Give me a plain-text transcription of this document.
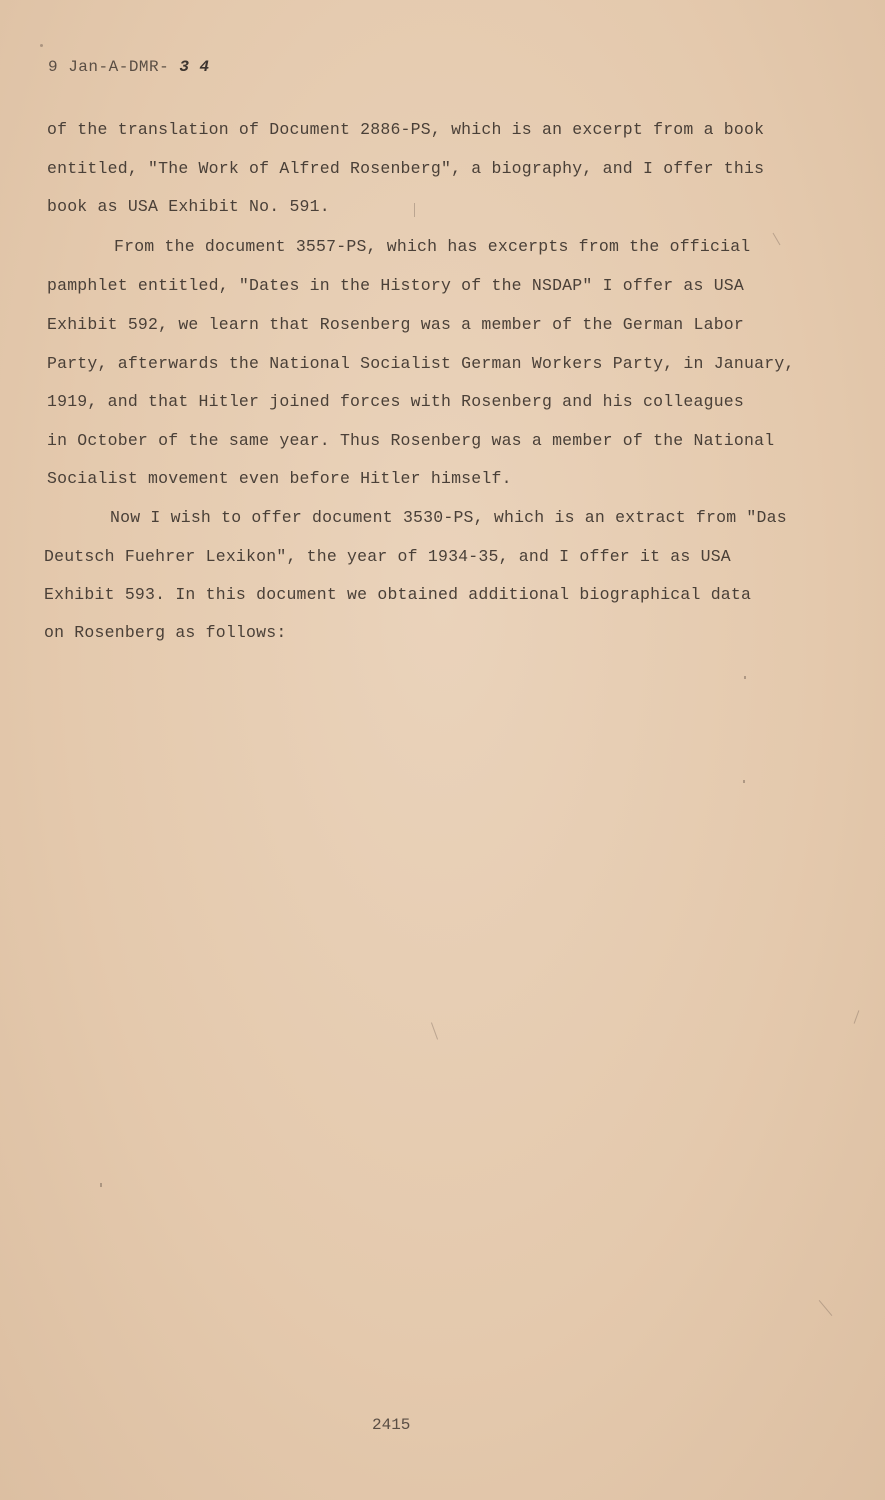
9 Jan-A-DMR- 3 4
of the translation of Document 2886-PS, which is an excerpt from a book
entitled, "The Work of Alfred Rosenberg", a biography, and I offer this
book as USA Exhibit No. 591.
From the document 3557-PS, which has excerpts from the official
pamphlet entitled, "Dates in the History of the NSDAP" I offer as USA
Exhibit 592, we learn that Rosenberg was a member of the German Labor
Party, afterwards the National Socialist German Workers Party, in January,
1919, and that Hitler joined forces with Rosenberg and his colleagues
in October of the same year. Thus Rosenberg was a member of the National
Socialist movement even before Hitler himself.
Now I wish to offer document 3530-PS, which is an extract from "Das
Deutsch Fuehrer Lexikon", the year of 1934-35, and I offer it as USA
Exhibit 593. In this document we obtained additional biographical data
on Rosenberg as follows:
2415
